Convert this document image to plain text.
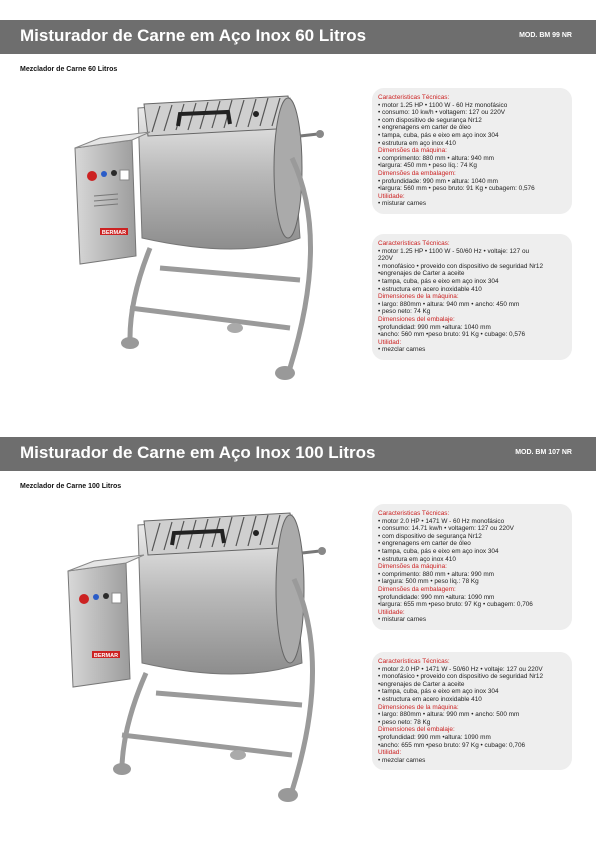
Misturador de Carne em Aço Inox 60 Litros	MOD. BM 99 NR
Mezclador de Carne 60 Litros
BERMAR
Caracteristicas Técnicas:
• motor 1.25 HP • 1100 W - 60 Hz monofásico
• consumo: 10 kw/h • voltagem: 127 ou 220V
• com dispositivo de segurança Nr12
• engrenagens em carter de óleo
• tampa, cuba, pás e eixo em aço inox 304
• estrutura em aço inox 410
Dimensões da máquina:
• comprimento: 880 mm • altura: 940 mm
•largura: 450 mm • peso líq.: 74 Kg
Dimensões da embalagem:
• profundidade: 990 mm • altura: 1040 mm
•largura: 560 mm • peso bruto: 91 Kg • cubagem: 0,576
Utilidade:
• misturar carnes
Características Técnicas:
• motor 1.25 HP • 1100 W - 50/60 Hz • voltaje: 127 ou
220V
• monofásico • proveido con dispositivo de seguridad Nr12
•engrenajes de Carter a aceite
• tampa, cuba, pás e eixo em aço inox 304
• estructura em acero inoxidable 410
Dimensiones de la máquina:
• largo: 880mm • altura: 940 mm • ancho: 450 mm
• peso neto: 74 Kg
Dimensiones del embalaje:
•profundidad: 990 mm •altura: 1040 mm
•ancho: 560 mm •peso bruto: 91 Kg • cubage: 0,576
Utilidad:
• mezclar carnes
Misturador de Carne em Aço Inox 100 Litros	MOD. BM 107 NR
Mezclador de Carne 100 Litros
BERMAR
Caracteristicas Técnicas:
• motor 2.0 HP • 1471 W - 60 Hz monofásico
• consumo: 14.71 kw/h • voltagem: 127 ou 220V
• com dispositivo de segurança Nr12
• engrenagens em carter de óleo
• tampa, cuba, pás e eixo em aço inox 304
• estrutura em aço inox 410
Dimensões da máquina:
• comprimento: 880 mm • altura: 990 mm
• largura: 500 mm • peso líq.: 78 Kg
Dimensões da embalagem:
•profundidade: 990 mm •altura: 1090 mm
•largura: 655 mm •peso bruto: 97 Kg • cubagem: 0,706
Utilidade:
• misturar carnes
Características Técnicas:
• motor 2.0 HP • 1471 W - 50/60 Hz • voltaje: 127 ou 220V
• monofásico • proveido con dispositivo de seguridad Nr12
•engrenajes de Carter a aceite
• tampa, cuba, pás e eixo em aço inox 304
• estructura em acero inoxidable 410
Dimensiones de la máquina:
• largo: 880mm • altura: 990 mm • ancho: 500 mm
• peso neto: 78 Kg
Dimensiones del embalaje:
•profundidad: 990 mm •altura: 1090 mm
•ancho: 655 mm •peso bruto: 97 Kg • cubage: 0,706
Utilidad:
• mezclar carnes
